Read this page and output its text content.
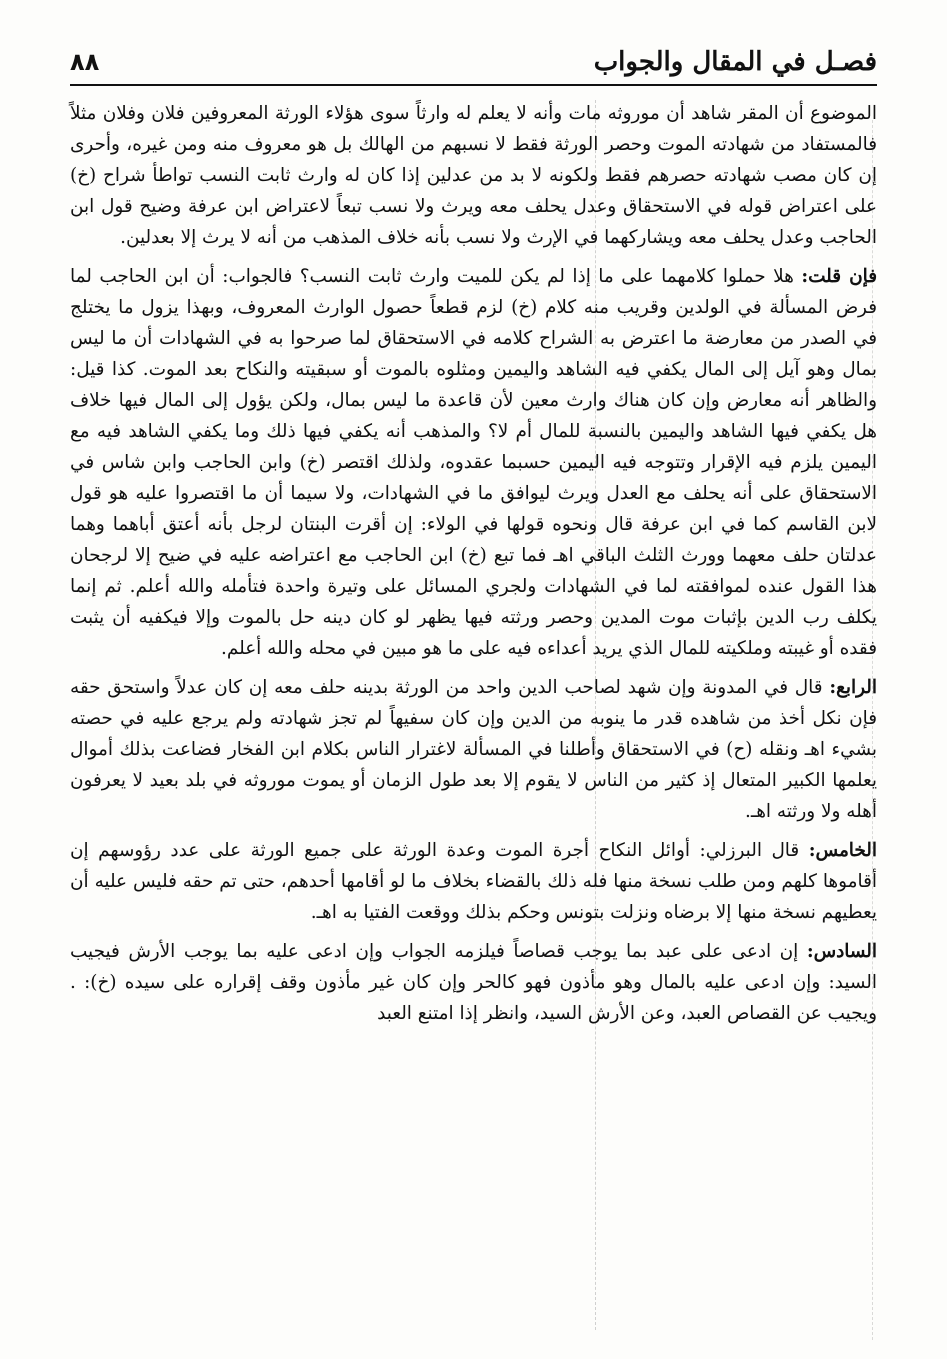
فصـل في المقال والجواب
٨٨

الموضوع أن المقر شاهد أن موروثه مات وأنه لا يعلم له وارثاً سوى هؤلاء الورثة المعروفين فلان وفلان مثلاً فالمستفاد من شهادته الموت وحصر الورثة فقط لا نسبهم من الهالك بل هو معروف منه ومن غيره، وأحرى إن كان مصب شهادته حصرهم فقط ولكونه لا بد من عدلين إذا كان له وارث ثابت النسب تواطأ شراح (خ) على اعتراض قوله في الاستحقاق وعدل يحلف معه ويرث ولا نسب تبعاً لاعتراض ابن عرفة وضيح قول ابن الحاجب وعدل يحلف معه ويشاركهما في الإرث ولا نسب بأنه خلاف المذهب من أنه لا يرث إلا بعدلين.

فإن قلت: هلا حملوا كلامهما على ما إذا لم يكن للميت وارث ثابت النسب؟ فالجواب: أن ابن الحاجب لما فرض المسألة في الولدين وقريب منه كلام (خ) لزم قطعاً حصول الوارث المعروف، وبهذا يزول ما يختلج في الصدر من معارضة ما اعترض به الشراح كلامه في الاستحقاق لما صرحوا به في الشهادات أن ما ليس بمال وهو آيل إلى المال يكفي فيه الشاهد واليمين ومثلوه بالموت أو سبقيته والنكاح بعد الموت. كذا قيل: والظاهر أنه معارض وإن كان هناك وارث معين لأن قاعدة ما ليس بمال، ولكن يؤول إلى المال فيها خلاف هل يكفي فيها الشاهد واليمين بالنسبة للمال أم لا؟ والمذهب أنه يكفي فيها ذلك وما يكفي الشاهد فيه مع اليمين يلزم فيه الإقرار وتتوجه فيه اليمين حسبما عقدوه، ولذلك اقتصر (خ) وابن الحاجب وابن شاس في الاستحقاق على أنه يحلف مع العدل ويرث ليوافق ما في الشهادات، ولا سيما أن ما اقتصروا عليه هو قول لابن القاسم كما في ابن عرفة قال ونحوه قولها في الولاء: إن أقرت البنتان لرجل بأنه أعتق أباهما وهما عدلتان حلف معهما وورث الثلث الباقي اهـ فما تبع (خ) ابن الحاجب مع اعتراضه عليه في ضيح إلا لرجحان هذا القول عنده لموافقته لما في الشهادات ولجري المسائل على وتيرة واحدة فتأمله والله أعلم. ثم إنما يكلف رب الدين بإثبات موت المدين وحصر ورثته فيها يظهر لو كان دينه حل بالموت وإلا فيكفيه أن يثبت فقده أو غيبته وملكيته للمال الذي يريد أعداءه فيه على ما هو مبين في محله والله أعلم.

الرابع: قال في المدونة وإن شهد لصاحب الدين واحد من الورثة بدينه حلف معه إن كان عدلاً واستحق حقه فإن نكل أخذ من شاهده قدر ما ينوبه من الدين وإن كان سفيهاً لم تجز شهادته ولم يرجع عليه في حصته بشيء اهـ ونقله (ح) في الاستحقاق وأطلنا في المسألة لاغترار الناس بكلام ابن الفخار فضاعت بذلك أموال يعلمها الكبير المتعال إذ كثير من الناس لا يقوم إلا بعد طول الزمان أو يموت موروثه في بلد بعيد لا يعرفون أهله ولا ورثته اهـ.

الخامس: قال البرزلي: أوائل النكاح أجرة الموت وعدة الورثة على جميع الورثة على عدد رؤوسهم إن أقاموها كلهم ومن طلب نسخة منها فله ذلك بالقضاء بخلاف ما لو أقامها أحدهم، حتى تم حقه فليس عليه أن يعطيهم نسخة منها إلا برضاه ونزلت بتونس وحكم بذلك ووقعت الفتيا به اهـ.

السادس: إن ادعى على عبد بما يوجب قصاصاً فيلزمه الجواب وإن ادعى عليه بما يوجب الأرش فيجيب السيد: وإن ادعى عليه بالمال وهو مأذون فهو كالحر وإن كان غير مأذون وقف إقراره على سيده (خ): . ويجيب عن القصاص العبد، وعن الأرش السيد، وانظر إذا امتنع العبد
